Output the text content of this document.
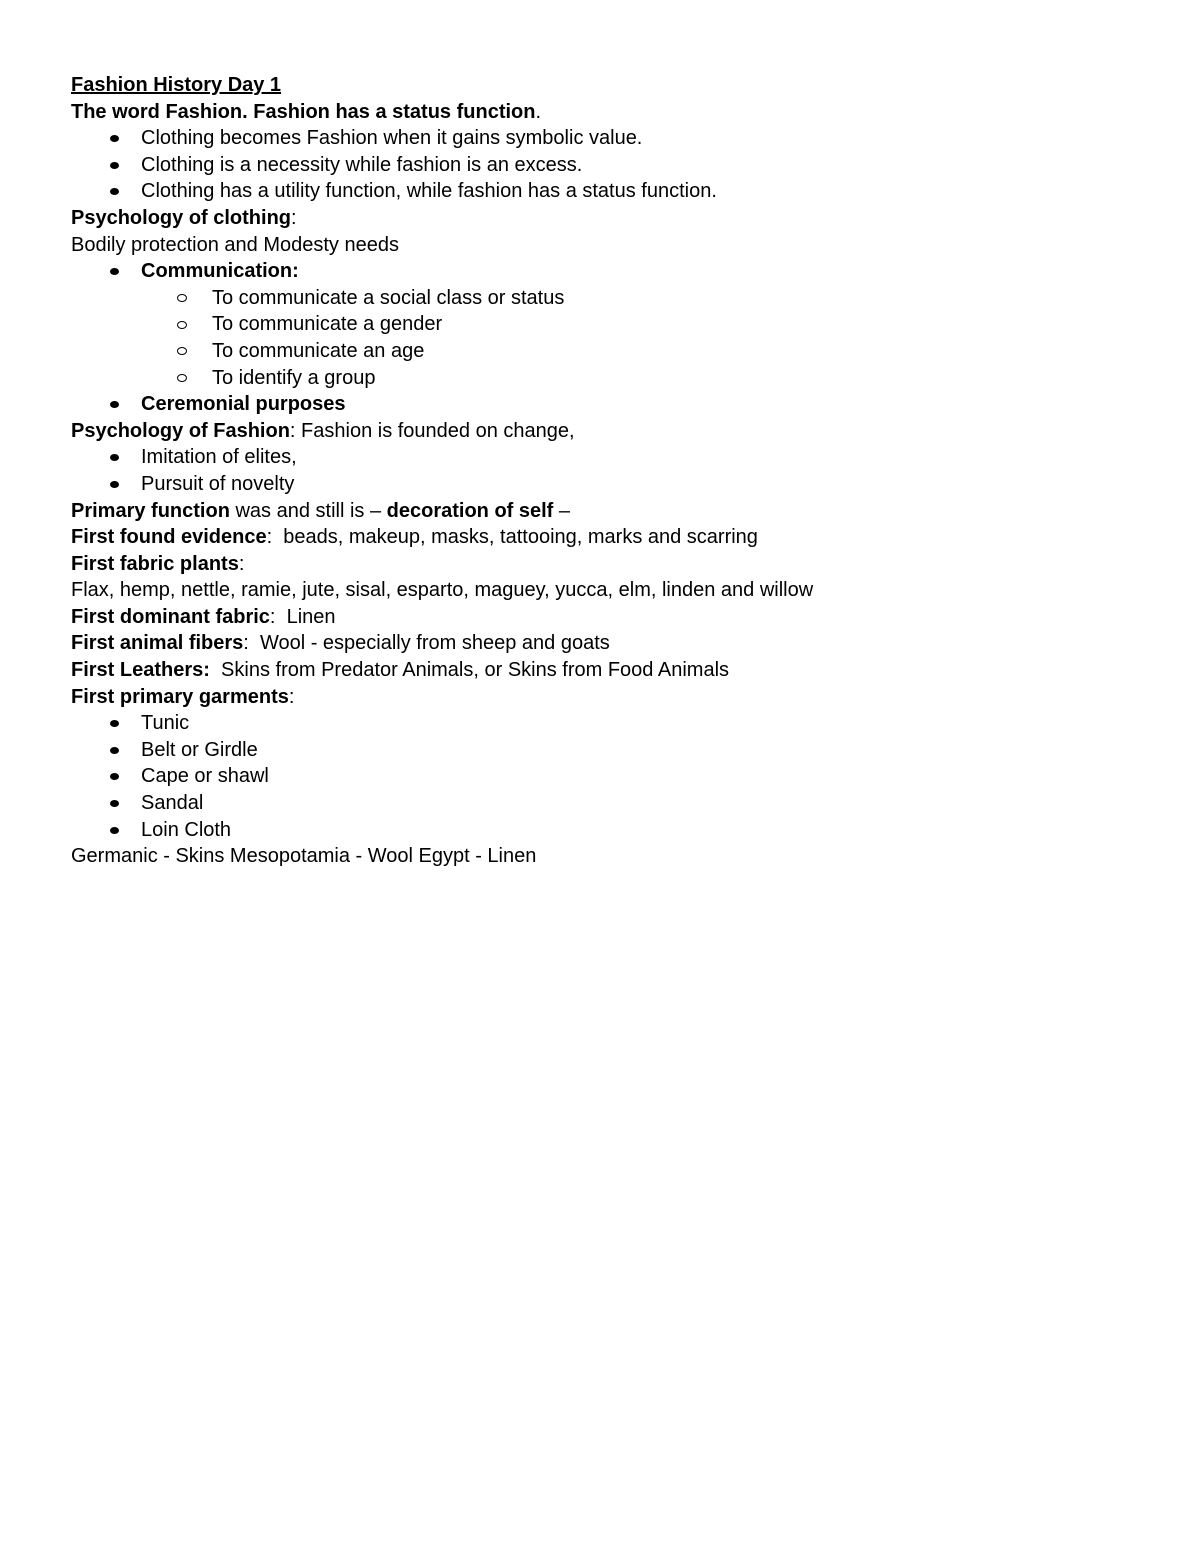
Fashion History Day 1
The word Fashion. Fashion has a status function.
Clothing becomes Fashion when it gains symbolic value.
Clothing is a necessity while fashion is an excess.
Clothing has a utility function, while fashion has a status function.
Psychology of clothing:
Bodily protection and Modesty needs
Communication:
To communicate a social class or status
To communicate a gender
To communicate an age
To identify a group
Ceremonial purposes
Psychology of Fashion: Fashion is founded on change,
Imitation of elites,
Pursuit of novelty
Primary function was and still is – decoration of self –
First found evidence:  beads, makeup, masks, tattooing, marks and scarring
First fabric plants:
Flax, hemp, nettle, ramie, jute, sisal, esparto, maguey, yucca, elm, linden and willow
First dominant fabric:  Linen
First animal fibers:  Wool - especially from sheep and goats
First Leathers:  Skins from Predator Animals, or Skins from Food Animals
First primary garments:
Tunic
Belt or Girdle
Cape or shawl
Sandal
Loin Cloth
Germanic - Skins Mesopotamia - Wool Egypt - Linen
